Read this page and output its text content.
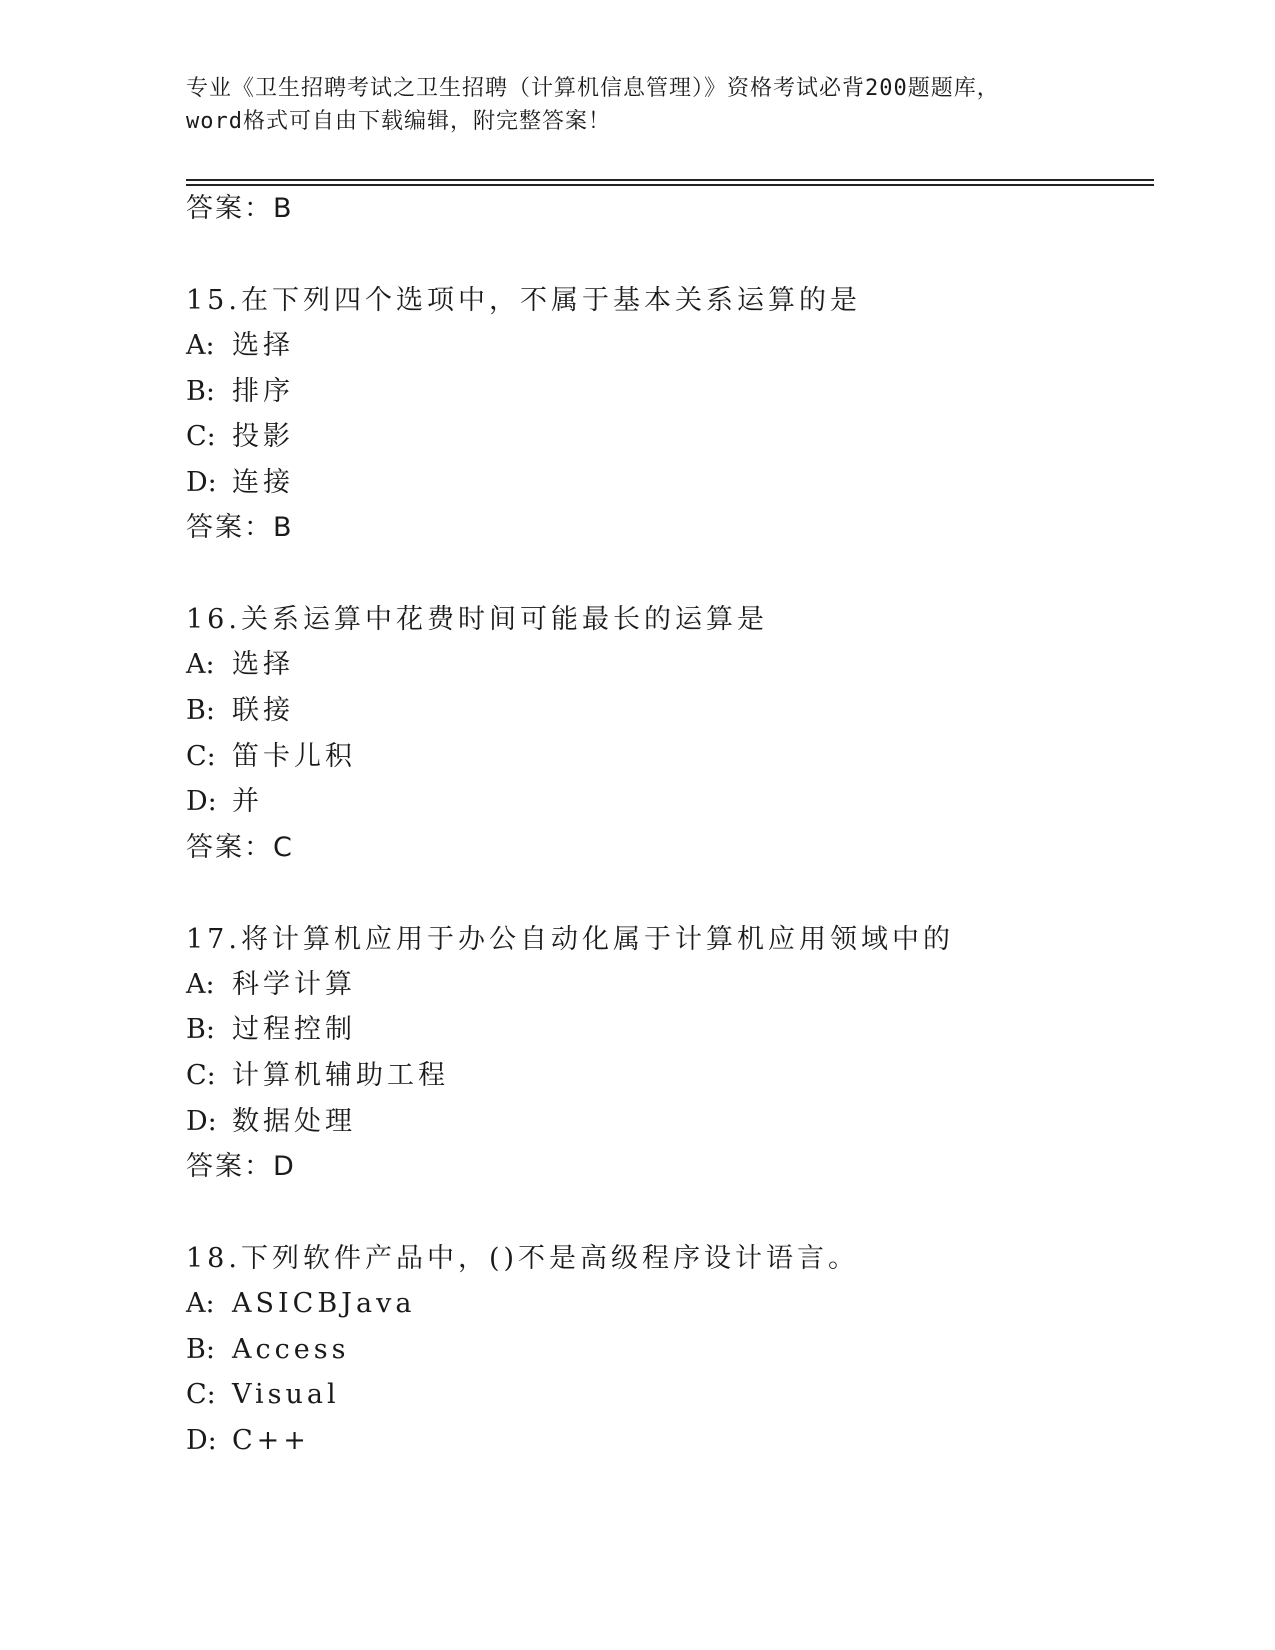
专业《卫生招聘考试之卫生招聘（计算机信息管理）》资格考试必背200题题库，
word格式可自由下载编辑，附完整答案！
答案：B
15.在下列四个选项中，不属于基本关系运算的是
A: 选择
B: 排序
C: 投影
D: 连接
答案：B
16.关系运算中花费时间可能最长的运算是
A: 选择
B: 联接
C: 笛卡儿积
D: 并
答案：C
17.将计算机应用于办公自动化属于计算机应用领域中的
A: 科学计算
B: 过程控制
C: 计算机辅助工程
D: 数据处理
答案：D
18.下列软件产品中，()不是高级程序设计语言。
A: ASICBJava
B: Access
C: Visual
D: C++
